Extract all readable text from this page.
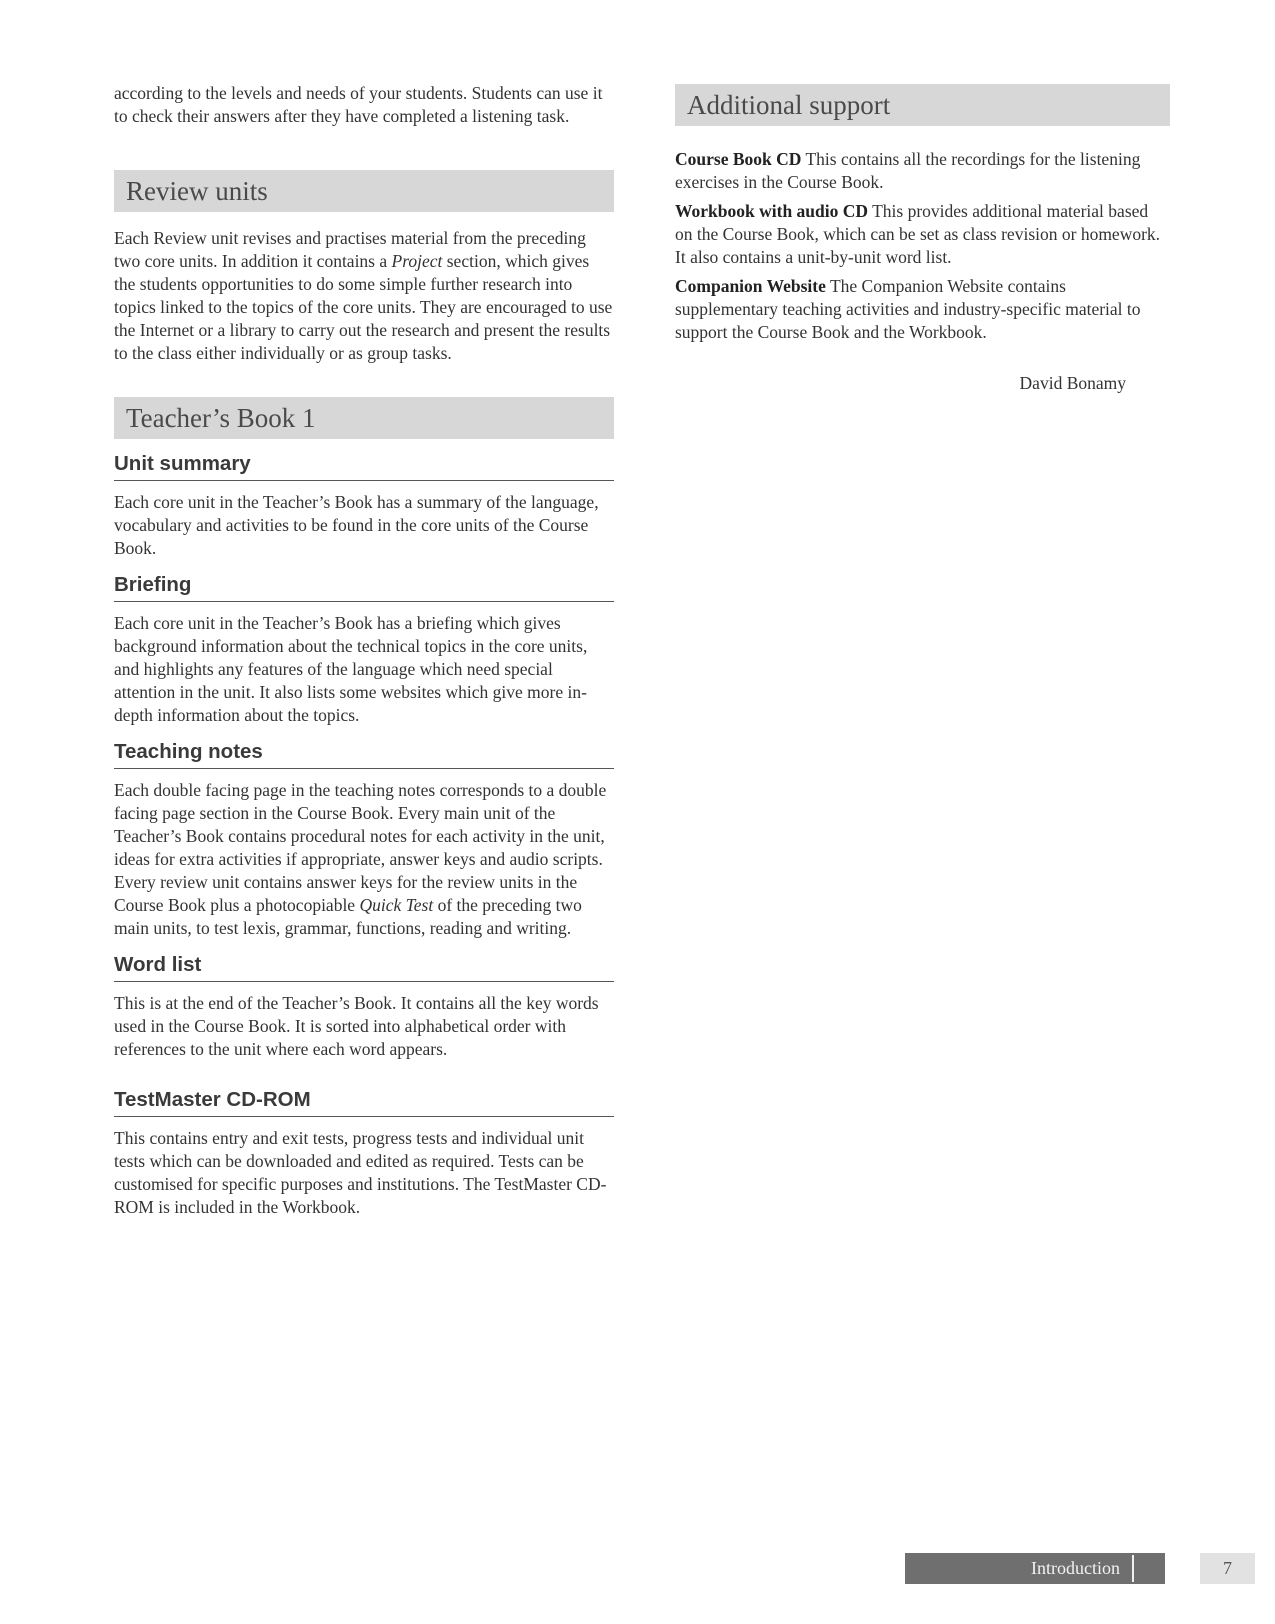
according to the levels and needs of your students. Students can use it to check their answers after they have completed a listening task.

Review units

Each Review unit revises and practises material from the preceding two core units. In addition it contains a Project section, which gives the students opportunities to do some simple further research into topics linked to the topics of the core units. They are encouraged to use the Internet or a library to carry out the research and present the results to the class either individually or as group tasks.

Teacher’s Book 1
Unit summary

Each core unit in the Teacher’s Book has a summary of the language, vocabulary and activities to be found in the core units of the Course Book.

Briefing

Each core unit in the Teacher’s Book has a briefing which gives background information about the technical topics in the core units, and highlights any features of the language which need special attention in the unit. It also lists some websites which give more in-depth information about the topics.

Teaching notes

Each double facing page in the teaching notes corresponds to a double facing page section in the Course Book. Every main unit of the Teacher’s Book contains procedural notes for each activity in the unit, ideas for extra activities if appropriate, answer keys and audio scripts. Every review unit contains answer keys for the review units in the Course Book plus a photocopiable Quick Test of the preceding two main units, to test lexis, grammar, functions, reading and writing.

Word list

This is at the end of the Teacher’s Book. It contains all the key words used in the Course Book. It is sorted into alphabetical order with references to the unit where each word appears.

TestMaster CD-ROM

This contains entry and exit tests, progress tests and individual unit tests which can be downloaded and edited as required. Tests can be customised for specific purposes and institutions. The TestMaster CD-ROM is included in the Workbook.

Additional support

Course Book CD This contains all the recordings for the listening exercises in the Course Book.

Workbook with audio CD This provides additional material based on the Course Book, which can be set as class revision or homework. It also contains a unit-by-unit word list.

Companion Website The Companion Website contains supplementary teaching activities and industry-specific material to support the Course Book and the Workbook.

David Bonamy

Introduction	7
